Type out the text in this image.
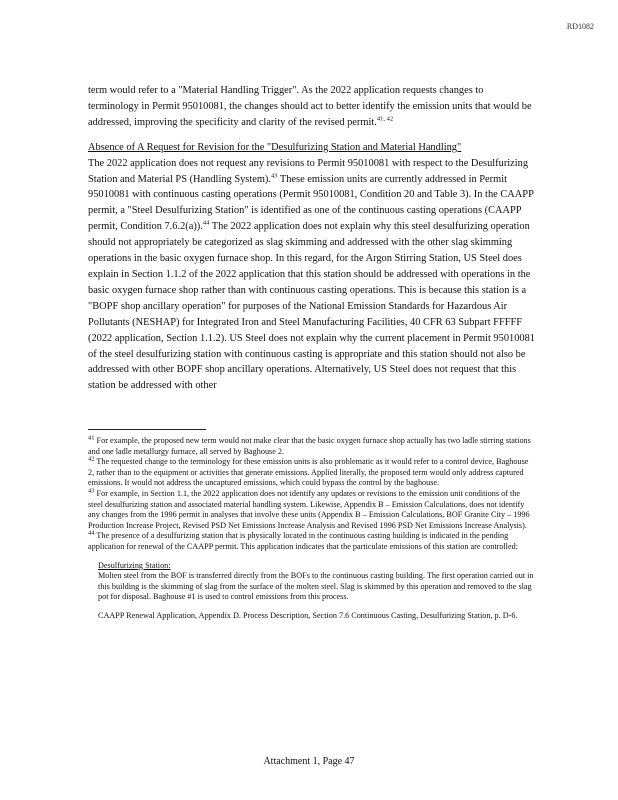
RD1082

term would refer to a "Material Handling Trigger". As the 2022 application requests changes to terminology in Permit 95010081, the changes should act to better identify the emission units that would be addressed, improving the specificity and clarity of the revised permit.$^{41, 42}$

Absence of A Request for Revision for the "Desulfurizing Station and Material Handling"

The 2022 application does not request any revisions to Permit 95010081 with respect to the Desulfurizing Station and Material PS (Handling System).$^{43}$ These emission units are currently addressed in Permit 95010081 with continuous casting operations (Permit 95010081, Condition 20 and Table 3). In the CAAPP permit, a "Steel Desulfurizing Station" is identified as one of the continuous casting operations (CAAPP permit, Condition 7.6.2(a)).$^{44}$ The 2022 application does not explain why this steel desulfurizing operation should not appropriately be categorized as slag skimming and addressed with the other slag skimming operations in the basic oxygen furnace shop. In this regard, for the Argon Stirring Station, US Steel does explain in Section 1.1.2 of the 2022 application that this station should be addressed with operations in the basic oxygen furnace shop rather than with continuous casting operations. This is because this station is a "BOPF shop ancillary operation" for purposes of the National Emission Standards for Hazardous Air Pollutants (NESHAP) for Integrated Iron and Steel Manufacturing Facilities, 40 CFR 63 Subpart FFFFF (2022 application, Section 1.1.2). US Steel does not explain why the current placement in Permit 95010081 of the steel desulfurizing station with continuous casting is appropriate and this station should not also be addressed with other BOPF shop ancillary operations. Alternatively, US Steel does not request that this station be addressed with other

$^{41}$ For example, the proposed new term would not make clear that the basic oxygen furnace shop actually has two ladle stirring stations and one ladle metallurgy furnace, all served by Baghouse 2.

$^{42}$ The requested change to the terminology for these emission units is also problematic as it would refer to a control device, Baghouse 2, rather than to the equipment or activities that generate emissions. Applied literally, the proposed term would only address captured emissions. It would not address the uncaptured emissions, which could bypass the control by the baghouse.

$^{43}$ For example, in Section 1.1, the 2022 application does not identify any updates or revisions to the emission unit conditions of the steel desulfurizing station and associated material handling system. Likewise, Appendix B – Emission Calculations, does not identify any changes from the 1996 permit in analyses that involve these units (Appendix B – Emission Calculations, BOF Granite City – 1996 Production Increase Project, Revised PSD Net Emissions Increase Analysis and Revised 1996 PSD Net Emissions Increase Analysis).

$^{44}$ The presence of a desulfurizing station that is physically located in the continuous casting building is indicated in the pending application for renewal of the CAAPP permit. This application indicates that the particulate emissions of this station are controlled:

Desulfurizing Station:

Molten steel from the BOF is transferred directly from the BOFs to the continuous casting building. The first operation carried out in this building is the skimming of slag from the surface of the molten steel. Slag is skimmed by this operation and removed to the slag pot for disposal. Baghouse #1 is used to control emissions from this process.

CAAPP Renewal Application, Appendix D. Process Description, Section 7.6 Continuous Casting, Desulfurizing Station, p. D-6.

Attachment 1, Page 47
